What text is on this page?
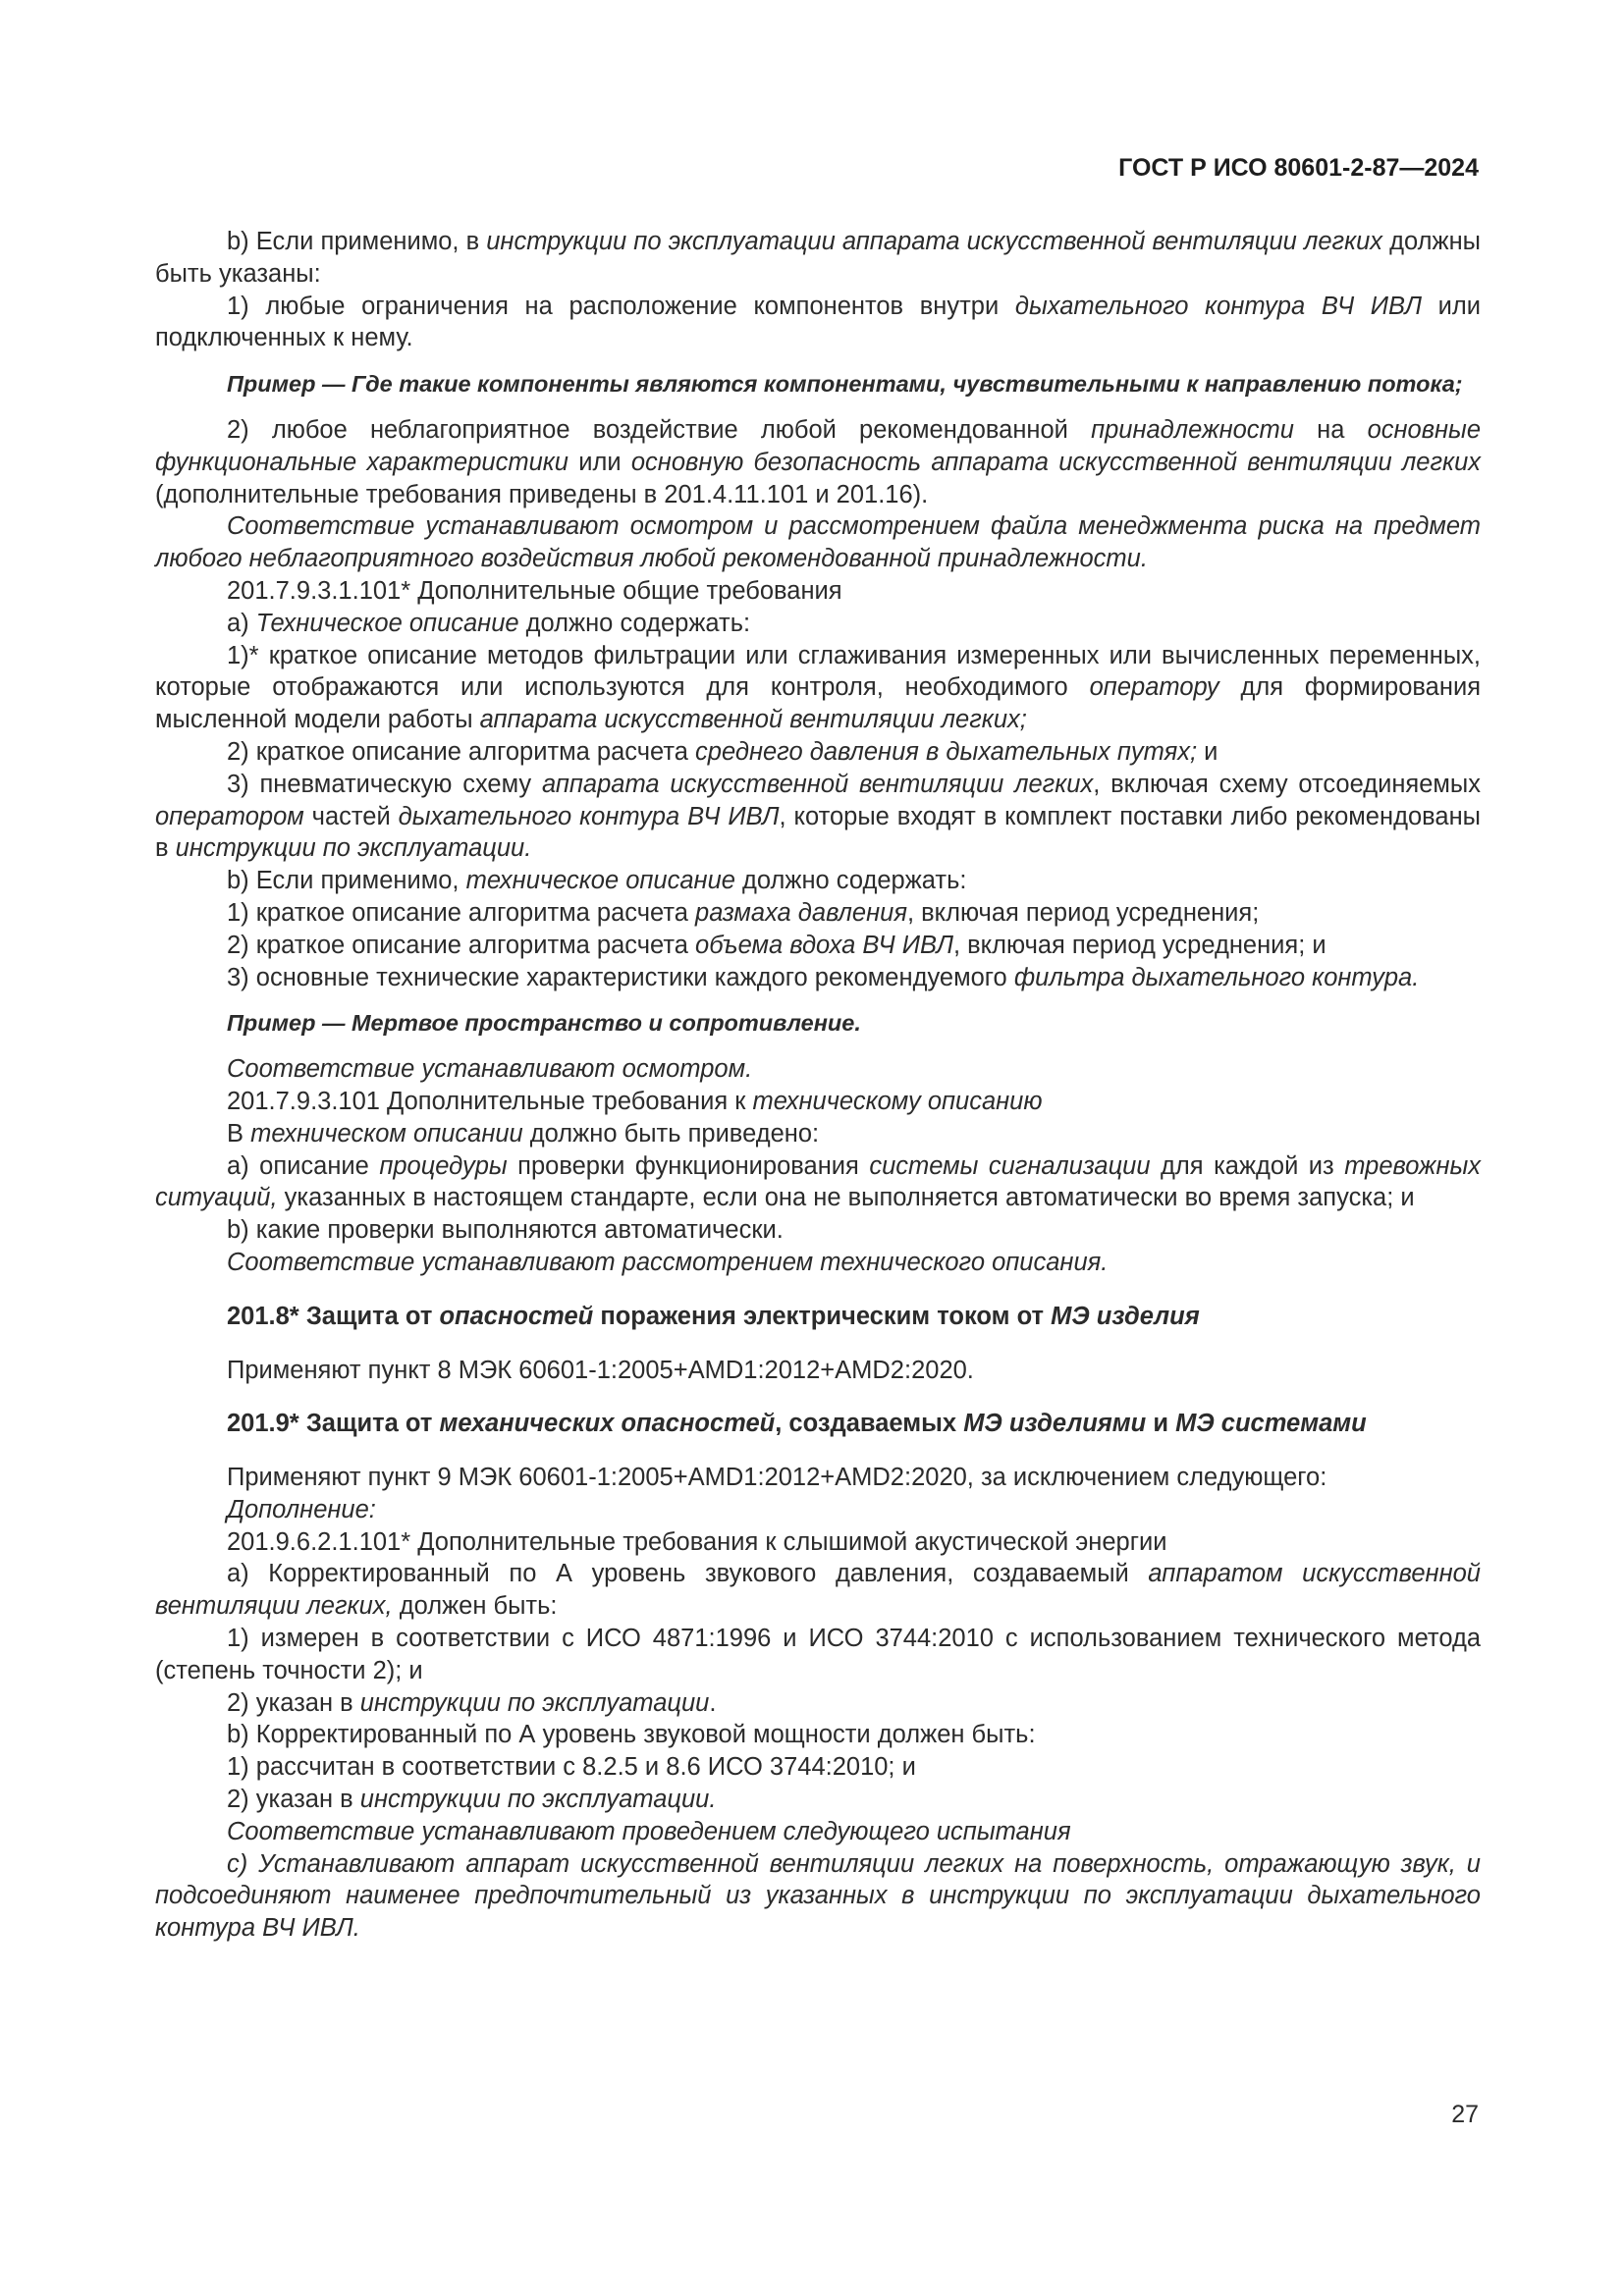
ГОСТ Р ИСО 80601-2-87—2024

b) Если применимо, в инструкции по эксплуатации аппарата искусственной вентиляции легких должны быть указаны:

1) любые ограничения на расположение компонентов внутри дыхательного контура ВЧ ИВЛ или подключенных к нему.

Пример — Где такие компоненты являются компонентами, чувствительными к направлению потока;

2) любое неблагоприятное воздействие любой рекомендованной принадлежности на основные функциональные характеристики или основную безопасность аппарата искусственной вентиляции легких (дополнительные требования приведены в 201.4.11.101 и 201.16).

Соответствие устанавливают осмотром и рассмотрением файла менеджмента риска на предмет любого неблагоприятного воздействия любой рекомендованной принадлежности.

201.7.9.3.1.101* Дополнительные общие требования

a) Техническое описание должно содержать:

1)* краткое описание методов фильтрации или сглаживания измеренных или вычисленных переменных, которые отображаются или используются для контроля, необходимого оператору для формирования мысленной модели работы аппарата искусственной вентиляции легких;

2) краткое описание алгоритма расчета среднего давления в дыхательных путях; и

3) пневматическую схему аппарата искусственной вентиляции легких, включая схему отсоединяемых оператором частей дыхательного контура ВЧ ИВЛ, которые входят в комплект поставки либо рекомендованы в инструкции по эксплуатации.

b) Если применимо, техническое описание должно содержать:

1) краткое описание алгоритма расчета размаха давления, включая период усреднения;

2) краткое описание алгоритма расчета объема вдоха ВЧ ИВЛ, включая период усреднения; и

3) основные технические характеристики каждого рекомендуемого фильтра дыхательного контура.

Пример — Мертвое пространство и сопротивление.

Соответствие устанавливают осмотром.

201.7.9.3.101 Дополнительные требования к техническому описанию

В техническом описании должно быть приведено:

a) описание процедуры проверки функционирования системы сигнализации для каждой из тревожных ситуаций, указанных в настоящем стандарте, если она не выполняется автоматически во время запуска; и

b) какие проверки выполняются автоматически.

Соответствие устанавливают рассмотрением технического описания.

201.8* Защита от опасностей поражения электрическим током от МЭ изделия

Применяют пункт 8 МЭК 60601-1:2005+AMD1:2012+AMD2:2020.

201.9* Защита от механических опасностей, создаваемых МЭ изделиями и МЭ системами

Применяют пункт 9 МЭК 60601-1:2005+AMD1:2012+AMD2:2020, за исключением следующего:

Дополнение:

201.9.6.2.1.101* Дополнительные требования к слышимой акустической энергии

a) Корректированный по А уровень звукового давления, создаваемый аппаратом искусственной вентиляции легких, должен быть:

1) измерен в соответствии с ИСО 4871:1996 и ИСО 3744:2010 с использованием технического метода (степень точности 2); и

2) указан в инструкции по эксплуатации.

b) Корректированный по А уровень звуковой мощности должен быть:

1) рассчитан в соответствии с 8.2.5 и 8.6 ИСО 3744:2010; и

2) указан в инструкции по эксплуатации.

Соответствие устанавливают проведением следующего испытания

c) Устанавливают аппарат искусственной вентиляции легких на поверхность, отражающую звук, и подсоединяют наименее предпочтительный из указанных в инструкции по эксплуатации дыхательного контура ВЧ ИВЛ.

27
